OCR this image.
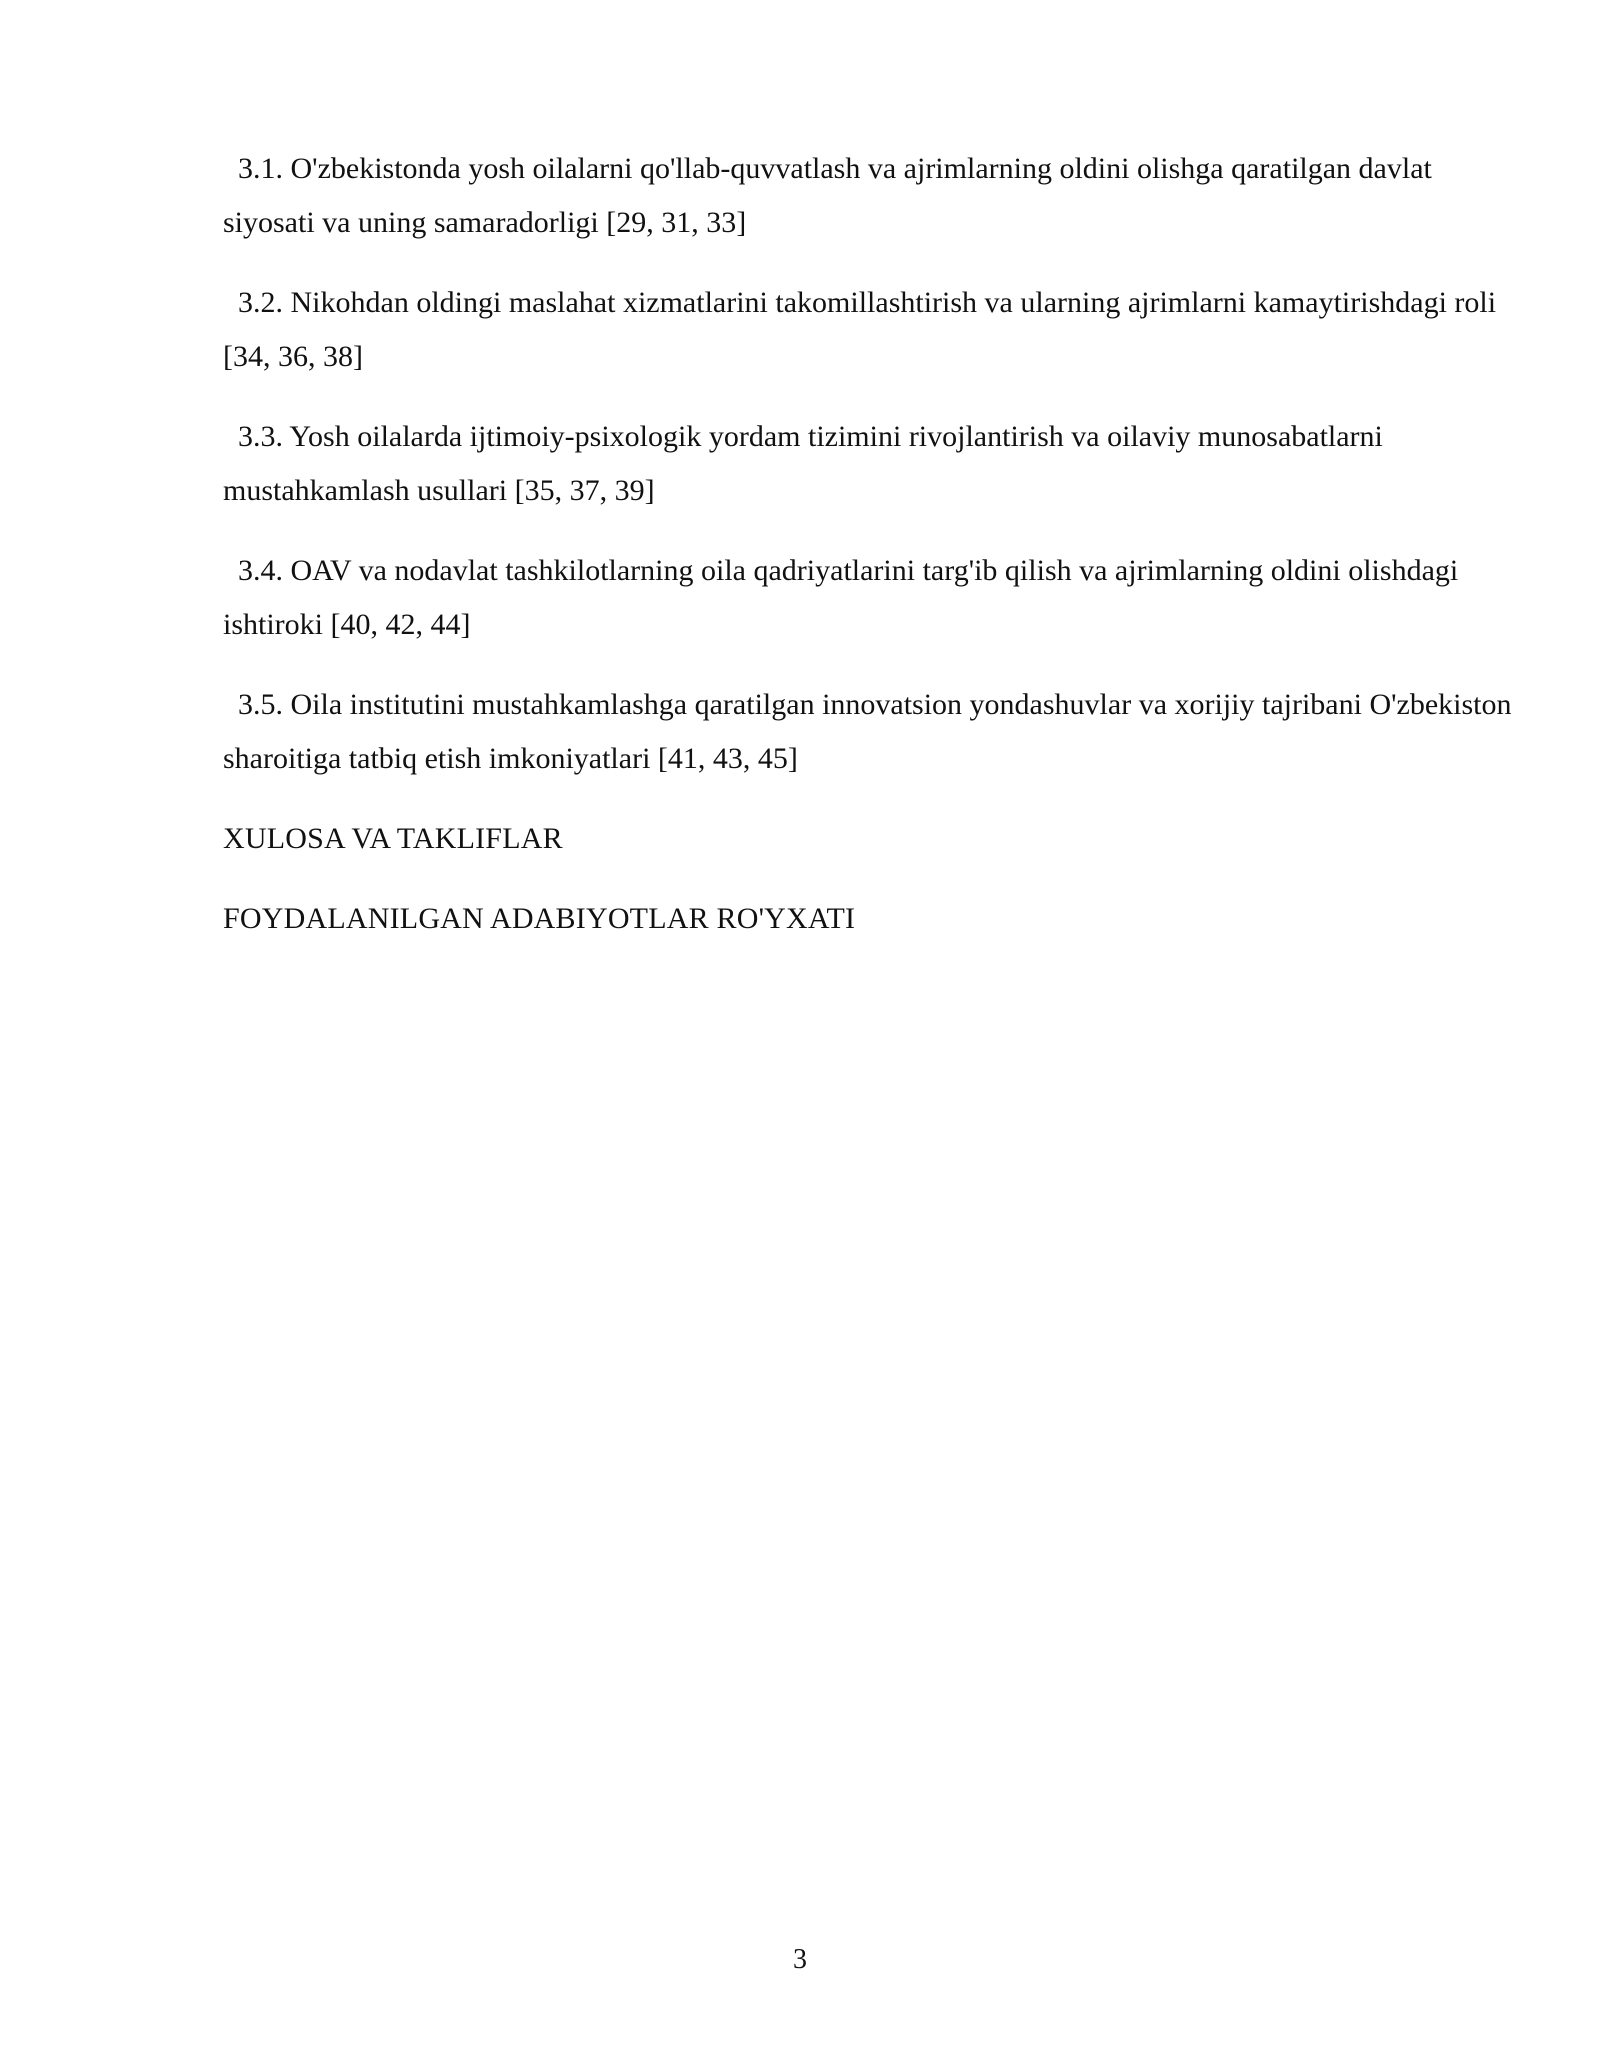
3.1. O'zbekistonda yosh oilalarni qo'llab-quvvatlash va ajrimlarning oldini olishga qaratilgan davlat siyosati va uning samaradorligi [29, 31, 33]

3.2. Nikohdan oldingi maslahat xizmatlarini takomillashtirish va ularning ajrimlarni kamaytirishdagi roli [34, 36, 38]

3.3. Yosh oilalarda ijtimoiy-psixologik yordam tizimini rivojlantirish va oilaviy munosabatlarni mustahkamlash usullari [35, 37, 39]

3.4. OAV va nodavlat tashkilotlarning oila qadriyatlarini targ'ib qilish va ajrimlarning oldini olishdagi ishtiroki [40, 42, 44]

3.5. Oila institutini mustahkamlashga qaratilgan innovatsion yondashuvlar va xorijiy tajribani O'zbekiston sharoitiga tatbiq etish imkoniyatlari [41, 43, 45]

XULOSA VA TAKLIFLAR

FOYDALANILGAN ADABIYOTLAR RO'YXATI

3
